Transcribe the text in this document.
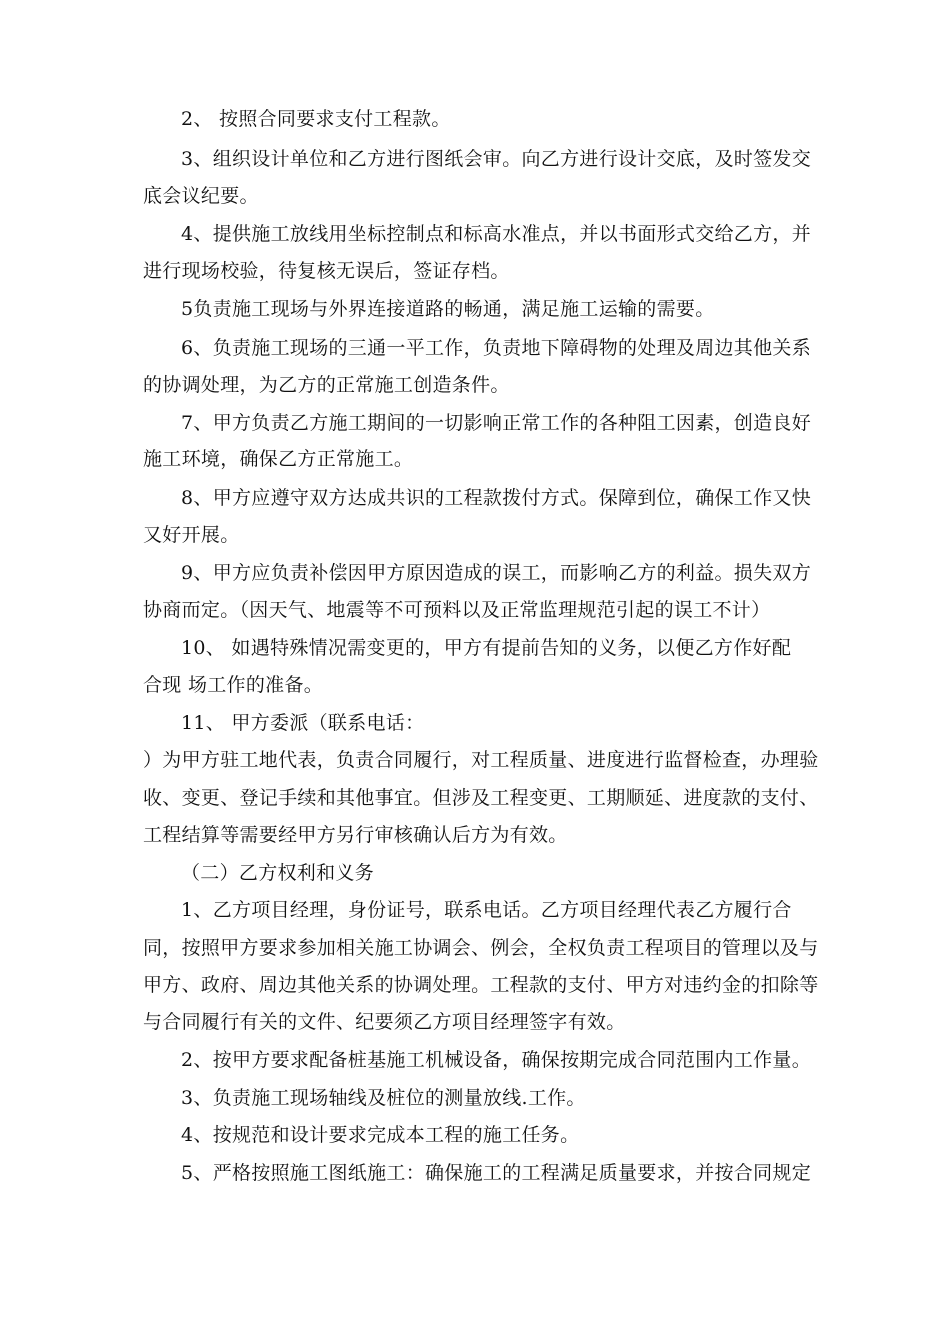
2、 按照合同要求支付工程款。
3、组织设计单位和乙方进行图纸会审。向乙方进行设计交底，及时签发交
底会议纪要。
4、提供施工放线用坐标控制点和标高水准点，并以书面形式交给乙方，并
进行现场校验，待复核无误后，签证存档。
5负责施工现场与外界连接道路的畅通，满足施工运输的需要。
6、负责施工现场的三通一平工作，负责地下障碍物的处理及周边其他关系
的协调处理，为乙方的正常施工创造条件。
7、甲方负责乙方施工期间的一切影响正常工作的各种阻工因素，创造良好
施工环境，确保乙方正常施工。
8、甲方应遵守双方达成共识的工程款拨付方式。保障到位，确保工作又快
又好开展。
9、甲方应负责补偿因甲方原因造成的误工，而影响乙方的利益。损失双方
协商而定。（因天气、地震等不可预料以及正常监理规范引起的误工不计）
10、 如遇特殊情况需变更的，甲方有提前告知的义务，以便乙方作好配
合现 场工作的准备。
11、 甲方委派（联系电话：
）为甲方驻工地代表，负责合同履行，对工程质量、进度进行监督检查，办理验
收、变更、登记手续和其他事宜。但涉及工程变更、工期顺延、进度款的支付、
工程结算等需要经甲方另行审核确认后方为有效。
（二）乙方权利和义务
1、乙方项目经理，身份证号，联系电话。乙方项目经理代表乙方履行合
同，按照甲方要求参加相关施工协调会、例会，全权负责工程项目的管理以及与
甲方、政府、周边其他关系的协调处理。工程款的支付、甲方对违约金的扣除等
与合同履行有关的文件、纪要须乙方项目经理签字有效。
2、按甲方要求配备桩基施工机械设备，确保按期完成合同范围内工作量。
3、负责施工现场轴线及桩位的测量放线.工作。
4、按规范和设计要求完成本工程的施工任务。
5、严格按照施工图纸施工：确保施工的工程满足质量要求，并按合同规定
